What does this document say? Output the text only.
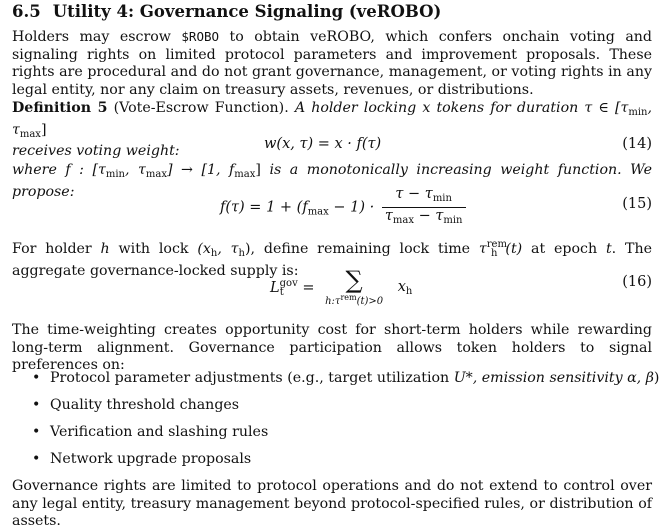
6.5 Utility 4: Governance Signaling (veROBO)
Holders may escrow $ROBO to obtain veROBO, which confers onchain voting and signaling rights on limited protocol parameters and improvement proposals. These rights are procedural and do not grant governance, management, or voting rights in any legal entity, nor any claim on treasury assets, revenues, or distributions.
Definition 5 (Vote-Escrow Function). A holder locking x tokens for duration τ ∈ [$\tau_{min}$, $\tau_{max}$]
receives voting weight:	w(x, τ) = x · f(τ)	(14)
where f : [$\tau_{min}$, $\tau_{max}] \to [1$, $f_{max}$] is a monotonically increasing weight function. We propose:
$f(\tau) = 1 + (f_{max} - 1) \cdot \frac{\tau - \tau_{min}}{\tau_{max} - \tau_{min}}$	(15)
For holder h with lock ($x_h$, $\tau_h$), define remaining lock time $\tau^{rem}_h$ (t) at epoch t. The aggregate governance-locked supply is:
$L^{gov}_t$ =	∑
$h:\tau^{rem}(t)>0$
$x_h$
(16)
The time-weighting creates opportunity cost for short-term holders while rewarding long-term alignment. Governance participation allows token holders to signal preferences on:
• Protocol parameter adjustments (e.g., target utilization U*, emission sensitivity α, β)
• Quality threshold changes
• Verification and slashing rules
• Network upgrade proposals
Governance rights are limited to protocol operations and do not extend to control over any legal entity, treasury management beyond protocol-specified rules, or distribution of assets.
